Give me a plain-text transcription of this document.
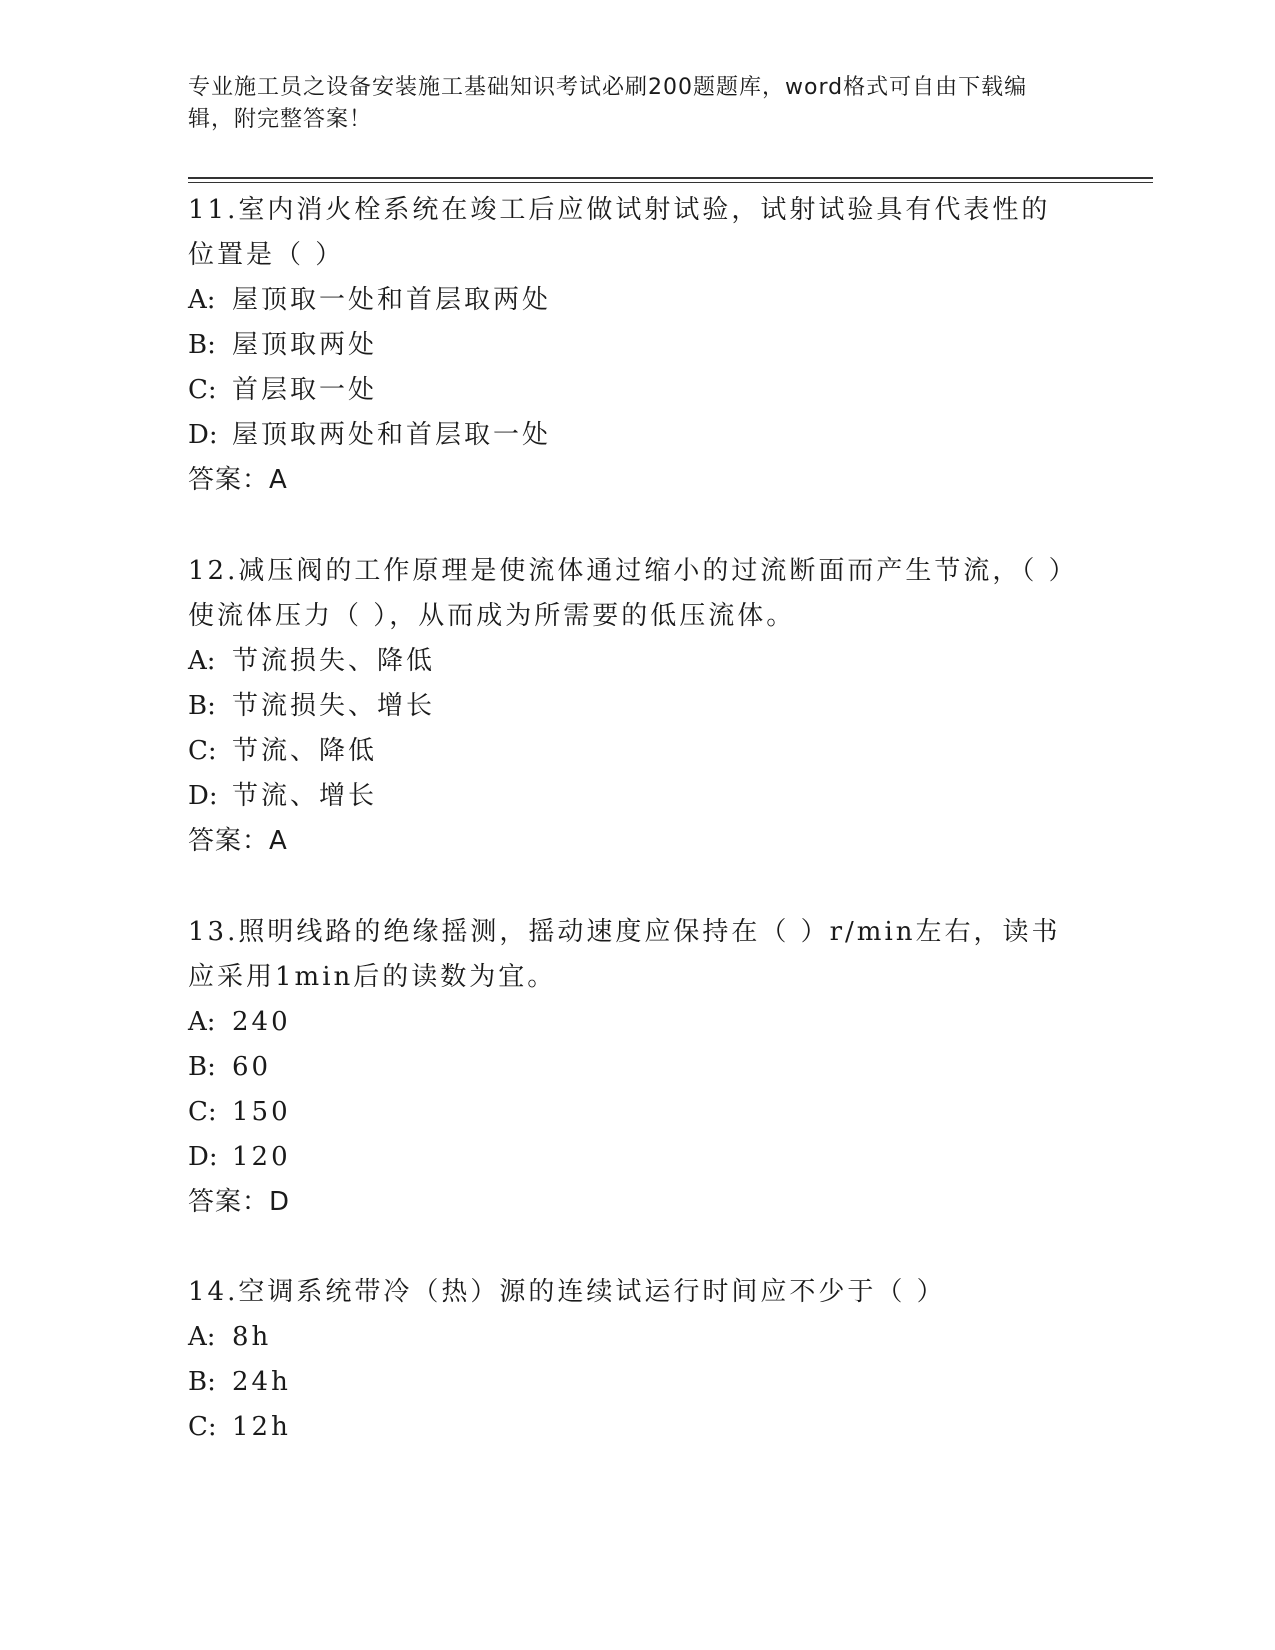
专业施工员之设备安装施工基础知识考试必刷200题题库，word格式可自由下载编辑，附完整答案！

11.室内消火栓系统在竣工后应做试射试验，试射试验具有代表性的位置是（ ）

A: 屋顶取一处和首层取两处
B: 屋顶取两处
C: 首层取一处
D: 屋顶取两处和首层取一处
答案：A

12.减压阀的工作原理是使流体通过缩小的过流断面而产生节流，（ ）使流体压力（ ），从而成为所需要的低压流体。

A: 节流损失、降低
B: 节流损失、增长
C: 节流、降低
D: 节流、增长
答案：A

13.照明线路的绝缘摇测，摇动速度应保持在（ ）r/min左右，读书应采用1min后的读数为宜。

A: 240
B: 60
C: 150
D: 120
答案：D

14.空调系统带冷（热）源的连续试运行时间应不少于（ ）

A: 8h
B: 24h
C: 12h
